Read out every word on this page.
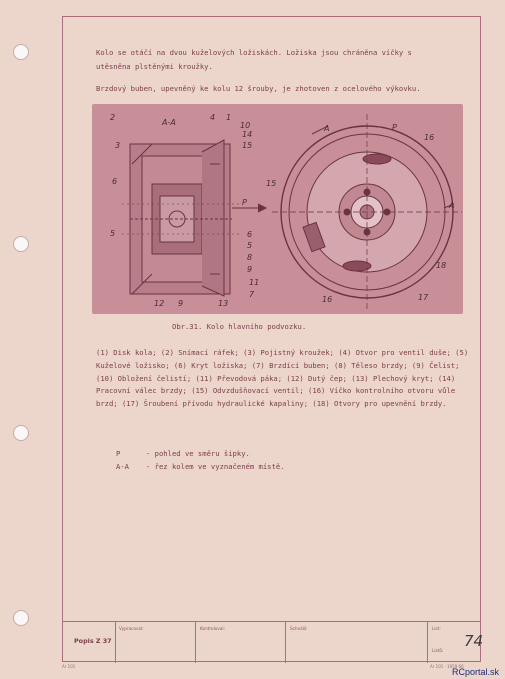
Kolo se otáčí na dvou kuželových ložiskách. Ložiska jsou chráněna víčky s
utěsněna plstěnými kroužky.
Brzdový buben, upevněný ke kolu 12 šrouby, je zhotoven z ocelového výkovku.
2
A-A
4 1
10
3
14
15
6
5	6
5
8
9
11
7
12 9	13
P
A	P
16
15
A
18
17
16
Obr.31. Kolo hlavního podvozku.
(1) Disk kola; (2) Snímací ráfek; (3) Pojistný kroužek; (4) Otvor pro ventil duše; (5) Kuželové ložisko; (6) Kryt ložiska; (7) Brzdící buben; (8) Těleso brzdy; (9) Čelist; (10) Obložení čelistí; (11) Převodová páka; (12) Dutý čep; (13) Plechový kryt; (14) Pracovní válec brzdy; (15) Odvzdušňovací ventil; (16) Víčko kontrolního otvoru vůle brzd; (17) Šroubení přívodu hydraulické kapaliny; (18) Otvory pro upevnění brzdy.
P	- pohled ve směru šipky.
A-A - řez kolem ve vyznačeném místě.
Popis Z 37
Vypracoval:	Kontroloval:	Schválil:	List:
Listů:
74
Ar 101	Ar 101 · 1959 66
RCportal.sk
